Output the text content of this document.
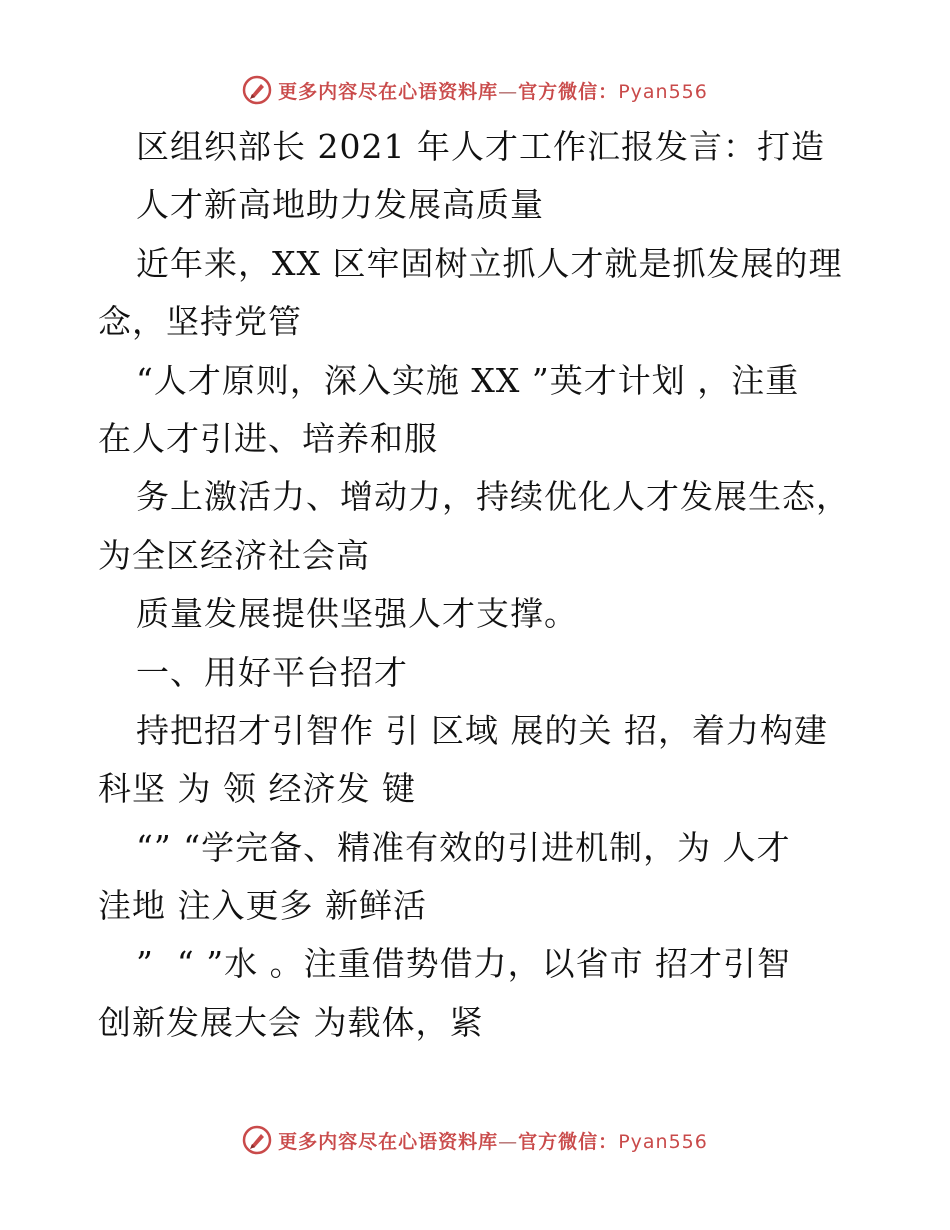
更多内容尽在心语资料库—官方微信：Pyan556
区组织部长 2021 年人才工作汇报发言：打造
人才新高地助力发展高质量
近年来，XX 区牢固树立抓人才就是抓发展的理
念，坚持党管
“人才原则，深入实施 XX ”英才计划 ，注重
在人才引进、培养和服
务上激活力、增动力，持续优化人才发展生态，
为全区经济社会高
质量发展提供坚强人才支撑。
一、用好平台招才
持把招才引智作 引 区域 展的关 招，着力构建
科坚 为 领 经济发 键
“” “学完备、精准有效的引进机制，为 人才
洼地 注入更多 新鲜活
”  “ ”水 。注重借势借力，以省市 招才引智
创新发展大会 为载体，紧
更多内容尽在心语资料库—官方微信：Pyan556
